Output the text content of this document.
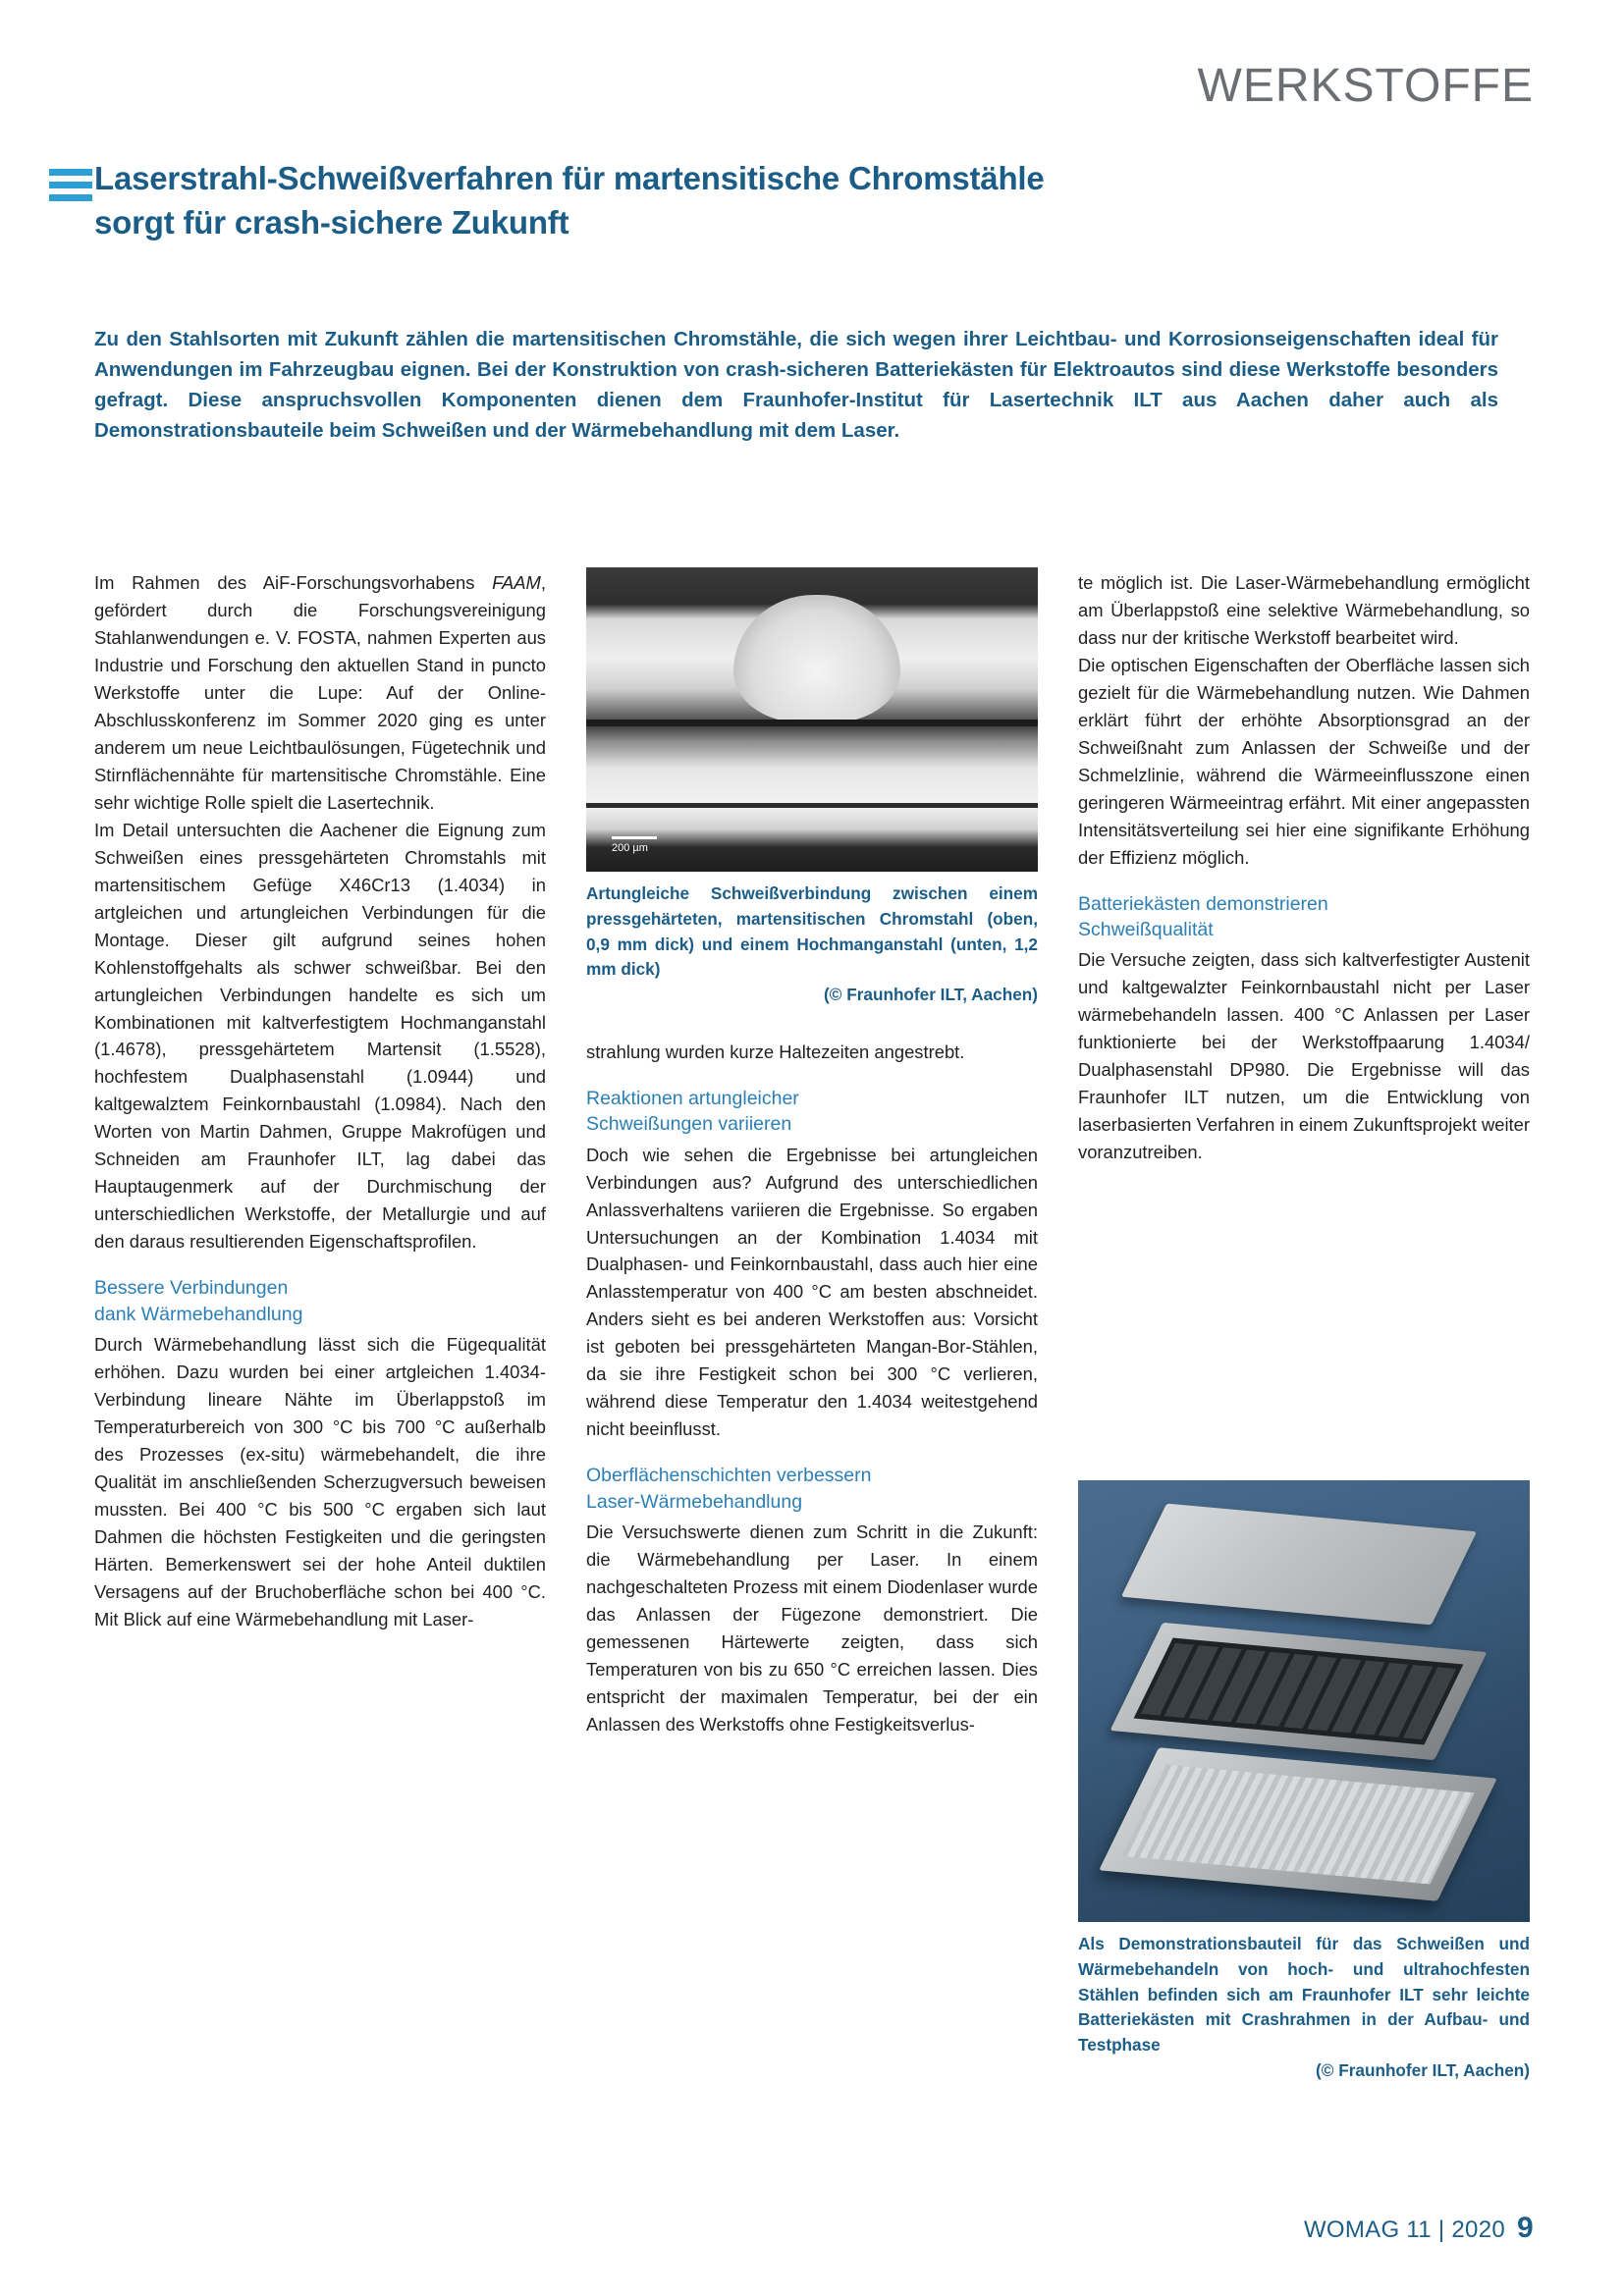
WERKSTOFFE
Laserstrahl-Schweißverfahren für martensitische Chromstähle
sorgt für crash-sichere Zukunft
Zu den Stahlsorten mit Zukunft zählen die martensitischen Chromstähle, die sich wegen ihrer Leichtbau- und Korrosionseigenschaften ideal für Anwendungen im Fahrzeugbau eignen. Bei der Konstruktion von crash-sicheren Batteriekästen für Elektroautos sind diese Werkstoffe besonders gefragt. Diese anspruchsvollen Komponenten dienen dem Fraunhofer-Institut für Lasertechnik ILT aus Aachen daher auch als Demonstrationsbauteile beim Schweißen und der Wärmebehandlung mit dem Laser.

Im Rahmen des AiF-Forschungsvorhabens FAAM, gefördert durch die Forschungsvereinigung Stahlanwendungen e. V. FOSTA, nahmen Experten aus Industrie und Forschung den aktuellen Stand in puncto Werkstoffe unter die Lupe: Auf der Online-Abschlusskonferenz im Sommer 2020 ging es unter anderem um neue Leichtbaulösungen, Fügetechnik und Stirnflächennähte für martensitische Chromstähle. Eine sehr wichtige Rolle spielt die Lasertechnik.

Im Detail untersuchten die Aachener die Eignung zum Schweißen eines pressgehärteten Chromstahls mit martensitischem Gefüge X46Cr13 (1.4034) in artgleichen und artungleichen Verbindungen für die Montage. Dieser gilt aufgrund seines hohen Kohlenstoffgehalts als schwer schweißbar. Bei den artungleichen Verbindungen handelte es sich um Kombinationen mit kaltverfestigtem Hochmanganstahl (1.4678), pressgehärtetem Martensit (1.5528), hochfestem Dualphasenstahl (1.0944) und kaltgewalztem Feinkornbaustahl (1.0984). Nach den Worten von Martin Dahmen, Gruppe Makrofügen und Schneiden am Fraunhofer ILT, lag dabei das Hauptaugenmerk auf der Durchmischung der unterschiedlichen Werkstoffe, der Metallurgie und auf den daraus resultierenden Eigenschaftsprofilen.

Bessere Verbindungen
dank Wärmebehandlung

Durch Wärmebehandlung lässt sich die Fügequalität erhöhen. Dazu wurden bei einer artgleichen 1.4034-Verbindung lineare Nähte im Überlappstoß im Temperaturbereich von 300 °C bis 700 °C außerhalb des Prozesses (ex-situ) wärmebehandelt, die ihre Qualität im anschließenden Scherzugversuch beweisen mussten. Bei 400 °C bis 500 °C ergaben sich laut Dahmen die höchsten Festigkeiten und die geringsten Härten. Bemerkenswert sei der hohe Anteil duktilen Versagens auf der Bruchoberfläche schon bei 400 °C. Mit Blick auf eine Wärmebehandlung mit Laser-

200 µm
Artungleiche Schweißverbindung zwischen einem pressgehärteten, martensitischen Chromstahl (oben, 0,9 mm dick) und einem Hochmanganstahl (unten, 1,2 mm dick)
(© Fraunhofer ILT, Aachen)

strahlung wurden kurze Haltezeiten angestrebt.

Reaktionen artungleicher
Schweißungen variieren

Doch wie sehen die Ergebnisse bei artungleichen Verbindungen aus? Aufgrund des unterschiedlichen Anlassverhaltens variieren die Ergebnisse. So ergaben Untersuchungen an der Kombination 1.4034 mit Dualphasen- und Feinkornbaustahl, dass auch hier eine Anlasstemperatur von 400 °C am besten abschneidet. Anders sieht es bei anderen Werkstoffen aus: Vorsicht ist geboten bei pressgehärteten Mangan-Bor-Stählen, da sie ihre Festigkeit schon bei 300 °C verlieren, während diese Temperatur den 1.4034 weitestgehend nicht beeinflusst.

Oberflächenschichten verbessern
Laser-Wärmebehandlung

Die Versuchswerte dienen zum Schritt in die Zukunft: die Wärmebehandlung per Laser. In einem nachgeschalteten Prozess mit einem Diodenlaser wurde das Anlassen der Fügezone demonstriert. Die gemessenen Härtewerte zeigten, dass sich Temperaturen von bis zu 650 °C erreichen lassen. Dies entspricht der maximalen Temperatur, bei der ein Anlassen des Werkstoffs ohne Festigkeitsverlus-

te möglich ist. Die Laser-Wärmebehandlung ermöglicht am Überlappstoß eine selektive Wärmebehandlung, so dass nur der kritische Werkstoff bearbeitet wird.

Die optischen Eigenschaften der Oberfläche lassen sich gezielt für die Wärmebehandlung nutzen. Wie Dahmen erklärt führt der erhöhte Absorptionsgrad an der Schweißnaht zum Anlassen der Schweiße und der Schmelzlinie, während die Wärmeeinflusszone einen geringeren Wärmeeintrag erfährt. Mit einer angepassten Intensitätsverteilung sei hier eine signifikante Erhöhung der Effizienz möglich.

Batteriekästen demonstrieren
Schweißqualität

Die Versuche zeigten, dass sich kaltverfestigter Austenit und kaltgewalzter Feinkornbaustahl nicht per Laser wärmebehandeln lassen. 400 °C Anlassen per Laser funktionierte bei der Werkstoffpaarung 1.4034/ Dualphasenstahl DP980. Die Ergebnisse will das Fraunhofer ILT nutzen, um die Entwicklung von laserbasierten Verfahren in einem Zukunftsprojekt weiter voranzutreiben.

Als Demonstrationsbauteil für das Schweißen und Wärmebehandeln von hoch- und ultrahochfesten Stählen befinden sich am Fraunhofer ILT sehr leichte Batteriekästen mit Crashrahmen in der Aufbau- und Testphase
(© Fraunhofer ILT, Aachen)
WOMAG 11 | 2020 9
